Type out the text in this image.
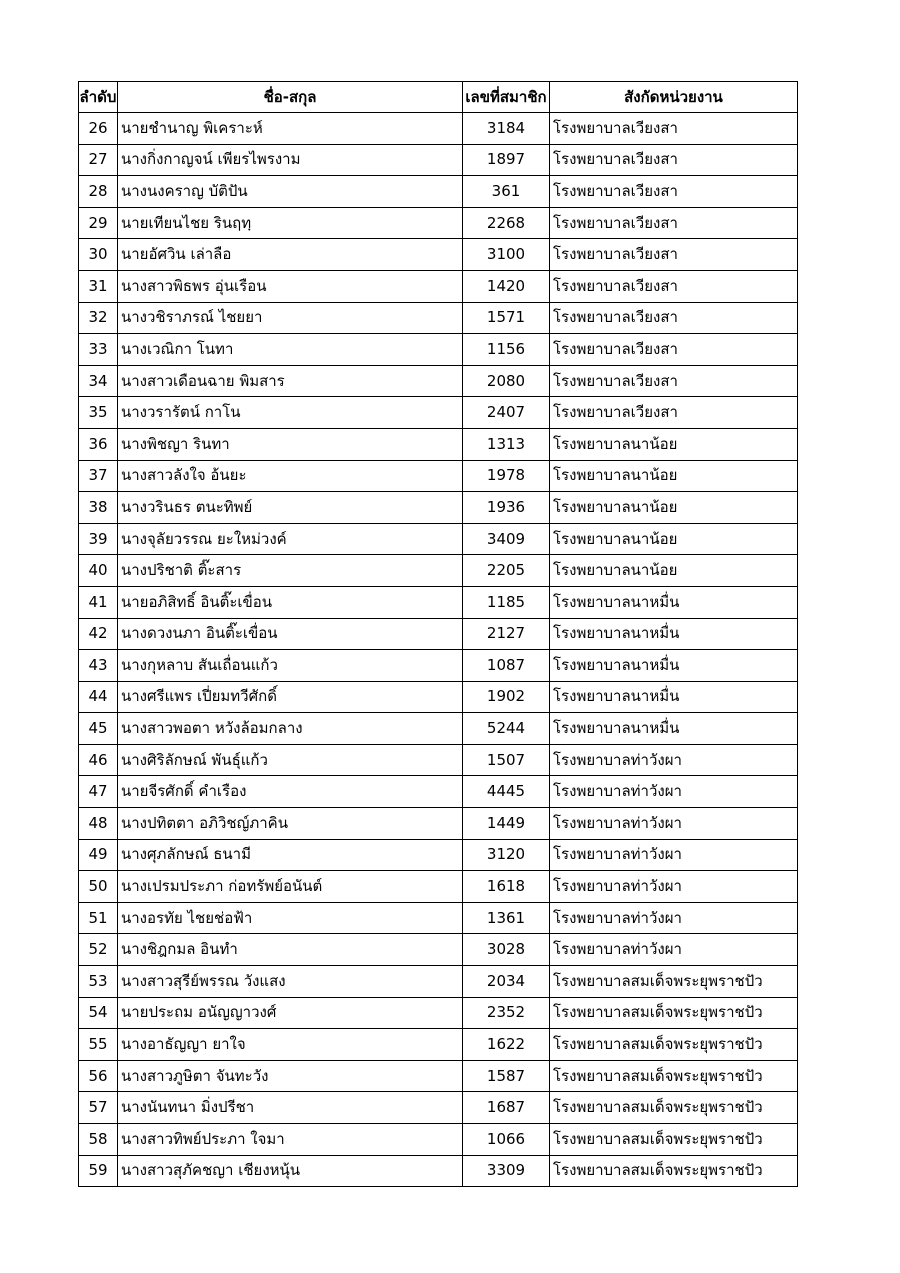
ลำดับ	ชื่อ-สกุล	เลขที่สมาชิก	สังกัดหน่วยงาน
26	นายชำนาญ พิเคราะห์	3184	โรงพยาบาลเวียงสา
27	นางกิ่งกาญจน์ เพียรไพรงาม	1897	โรงพยาบาลเวียงสา
28	นางนงคราญ บัติปัน	361	โรงพยาบาลเวียงสา
29	นายเทียนไชย รินฤทฺ	2268	โรงพยาบาลเวียงสา
30	นายอัศวิน เล่าลือ	3100	โรงพยาบาลเวียงสา
31	นางสาวพิธพร อุ่นเรือน	1420	โรงพยาบาลเวียงสา
32	นางวชิราภรณ์ ไชยยา	1571	โรงพยาบาลเวียงสา
33	นางเวณิกา โนทา	1156	โรงพยาบาลเวียงสา
34	นางสาวเดือนฉาย พิมสาร	2080	โรงพยาบาลเวียงสา
35	นางวรารัตน์ กาโน	2407	โรงพยาบาลเวียงสา
36	นางพิชญา รินทา	1313	โรงพยาบาลนาน้อย
37	นางสาวลังใจ อ้นยะ	1978	โรงพยาบาลนาน้อย
38	นางวรินธร ตนะทิพย์	1936	โรงพยาบาลนาน้อย
39	นางจุลัยวรรณ ยะใหม่วงค์	3409	โรงพยาบาลนาน้อย
40	นางปริชาติ ติ๊ะสาร	2205	โรงพยาบาลนาน้อย
41	นายอภิสิทธิ์ อินติ๊ะเขื่อน	1185	โรงพยาบาลนาหมื่น
42	นางดวงนภา อินติ๊ะเขื่อน	2127	โรงพยาบาลนาหมื่น
43	นางกุหลาบ สันเถื่อนแก้ว	1087	โรงพยาบาลนาหมื่น
44	นางศรีแพร เปี่ยมทวีศักดิ์	1902	โรงพยาบาลนาหมื่น
45	นางสาวพอตา หวังล้อมกลาง	5244	โรงพยาบาลนาหมื่น
46	นางศิริลักษณ์ พันธุ์แก้ว	1507	โรงพยาบาลท่าวังผา
47	นายจีรศักดิ์ คำเรือง	4445	โรงพยาบาลท่าวังผา
48	นางปทิตตา อภิวิชญ์ภาคิน	1449	โรงพยาบาลท่าวังผา
49	นางศุภลักษณ์ ธนามี	3120	โรงพยาบาลท่าวังผา
50	นางเปรมประภา ก่อทรัพย์อนันต์	1618	โรงพยาบาลท่าวังผา
51	นางอรทัย ไชยช่อฟ้า	1361	โรงพยาบาลท่าวังผา
52	นางชิฎกมล อินทำ	3028	โรงพยาบาลท่าวังผา
53	นางสาวสุรีย์พรรณ วังแสง	2034	โรงพยาบาลสมเด็จพระยุพราชปัว
54	นายประถม อนัญญาวงศ์	2352	โรงพยาบาลสมเด็จพระยุพราชปัว
55	นางอาธัญญา ยาใจ	1622	โรงพยาบาลสมเด็จพระยุพราชปัว
56	นางสาวภูษิตา จันทะวัง	1587	โรงพยาบาลสมเด็จพระยุพราชปัว
57	นางนันทนา มิ่งปรีชา	1687	โรงพยาบาลสมเด็จพระยุพราชปัว
58	นางสาวทิพย์ประภา ใจมา	1066	โรงพยาบาลสมเด็จพระยุพราชปัว
59	นางสาวสุภัคชญา เชียงหนุ้น	3309	โรงพยาบาลสมเด็จพระยุพราชปัว
